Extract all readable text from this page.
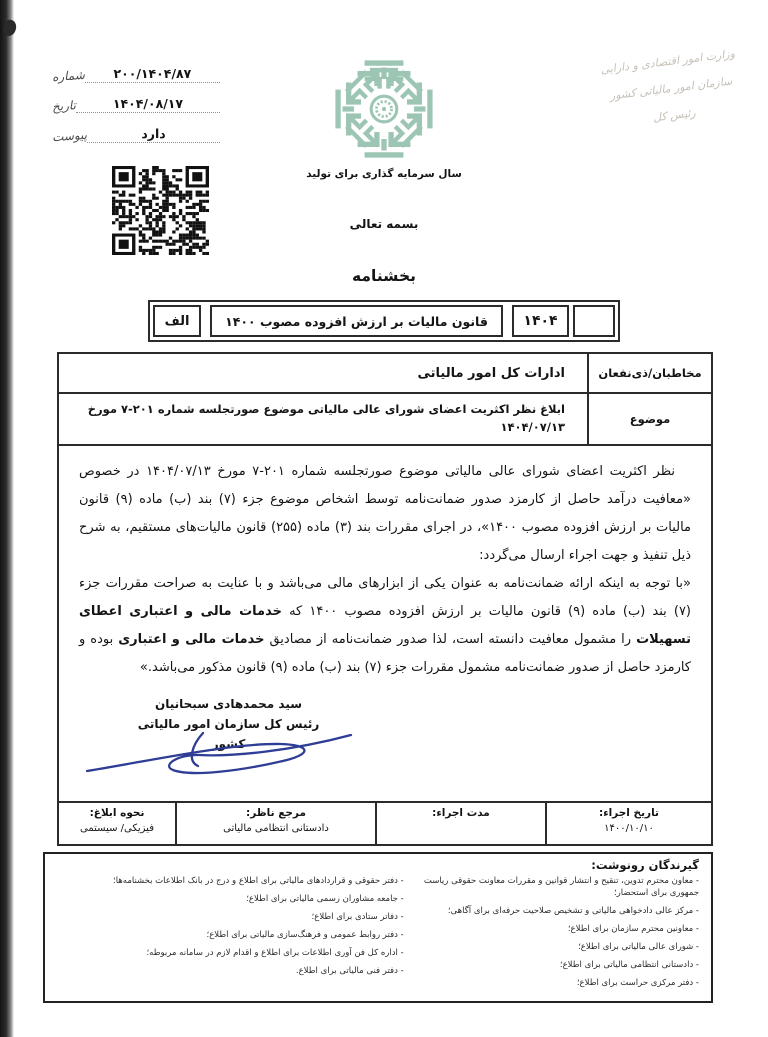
۲۰۰/۱۴۰۴/۸۷
شماره
۱۴۰۴/۰۸/۱۷
تاریخ
دارد
پیوست
وزارت امور اقتصادی و دارایی
سازمان امور مالیاتی کشور
رئیس کل
سال سرمایه گذاری برای تولید
بسمه تعالی
بخشنامه
۱۴۰۴
قانون مالیات بر ارزش افزوده مصوب ۱۴۰۰
الف
مخاطبان/ذی‌نفعان
ادارات کل امور مالیاتی
موضوع
ابلاغ نظر اکثریت اعضای شورای عالی مالیاتی موضوع صورتجلسه شماره ۲۰۱-۷ مورخ ۱۴۰۴/۰۷/۱۳

نظر اکثریت اعضای شورای عالی مالیاتی موضوع صورتجلسه شماره ۲۰۱-۷ مورخ ۱۴۰۴/۰۷/۱۳ در خصوص «معافیت درآمد حاصل از کارمزد صدور ضمانت‌نامه توسط اشخاص موضوع جزء (۷) بند (ب) ماده (۹) قانون مالیات بر ارزش افزوده مصوب ۱۴۰۰»، در اجرای مقررات بند (۳) ماده (۲۵۵) قانون مالیات‌های مستقیم، به شرح ذیل تنفیذ و جهت اجراء ارسال می‌گردد:

«با توجه به اینکه ارائه ضمانت‌نامه به عنوان یکی از ابزارهای مالی می‌باشد و با عنایت به صراحت مقررات جزء (۷) بند (ب) ماده (۹) قانون مالیات بر ارزش افزوده مصوب ۱۴۰۰ که خدمات مالی و اعتباری اعطای تسهیلات را مشمول معافیت دانسته است، لذا صدور ضمانت‌نامه از مصادیق خدمات مالی و اعتباری بوده و کارمزد حاصل از صدور ضمانت‌نامه مشمول مقررات جزء (۷) بند (ب) ماده (۹) قانون مذکور می‌باشد.»

سید محمدهادی سبحانیان
رئیس کل سازمان امور مالیاتی کشور
تاریخ اجراء:
۱۴۰۰/۱۰/۱۰
مدت اجراء:
مرجع ناظر:
دادستانی انتظامی مالیاتی
نحوه ابلاغ:
فیزیکی/ سیستمی
گیرندگان رونوشت:
- معاون محترم تدوین، تنقیح و انتشار قوانین و مقررات معاونت حقوقی ریاست جمهوری برای استحضار؛
- مرکز عالی دادخواهی مالیاتی و تشخیص صلاحیت حرفه‌ای برای آگاهی؛
- معاونین محترم سازمان برای اطلاع؛
- شورای عالی مالیاتی برای اطلاع؛
- دادستانی انتظامی مالیاتی برای اطلاع؛
- دفتر مرکزی حراست برای اطلاع؛
- دفتر حقوقی و قراردادهای مالیاتی برای اطلاع و درج در بانک اطلاعات بخشنامه‌ها؛
- جامعه مشاوران رسمی مالیاتی برای اطلاع؛
- دفاتر ستادی برای اطلاع؛
- دفتر روابط عمومی و فرهنگ‌سازی مالیاتی برای اطلاع؛
- اداره کل فن آوری اطلاعات برای اطلاع و اقدام لازم در سامانه مربوطه؛
- دفتر فنی مالیاتی برای اطلاع.
